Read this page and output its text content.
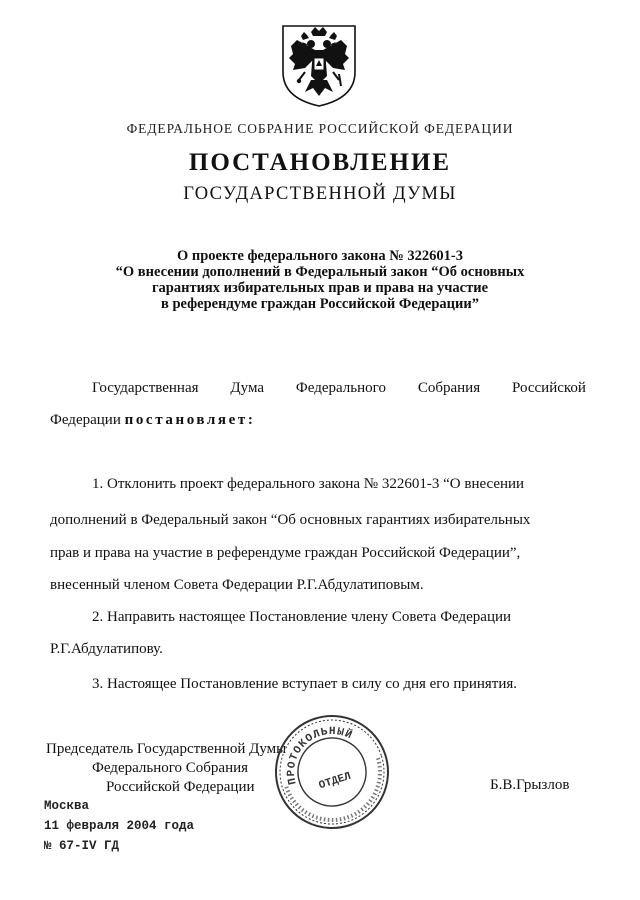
ФЕДЕРАЛЬНОЕ СОБРАНИЕ РОССИЙСКОЙ ФЕДЕРАЦИИ
ПОСТАНОВЛЕНИЕ
ГОСУДАРСТВЕННОЙ ДУМЫ
О проекте федерального закона № 322601-3
“О внесении дополнений в Федеральный закон “Об основных
гарантиях избирательных прав и права на участие
в референдуме граждан Российской Федерации”
Государственная Дума Федерального Собрания Российской
Федерации постановляет:
1. Отклонить проект федерального закона № 322601-3 “О внесении
дополнений в Федеральный закон “Об основных гарантиях избирательных
прав и права на участие в референдуме граждан Российской Федерации”,
внесенный членом Совета Федерации Р.Г.Абдулатиповым.
2. Направить настоящее Постановление члену Совета Федерации
Р.Г.Абдулатипову.
3. Настоящее Постановление вступает в силу со дня его принятия.
Председатель Государственной Думы
Федерального Собрания
Российской Федерации	Б.В.Грызлов
ПРОТОКОЛЬНЫЙ
ОТДЕЛ
Москва
11 февраля 2004 года
№ 67-IV ГД
